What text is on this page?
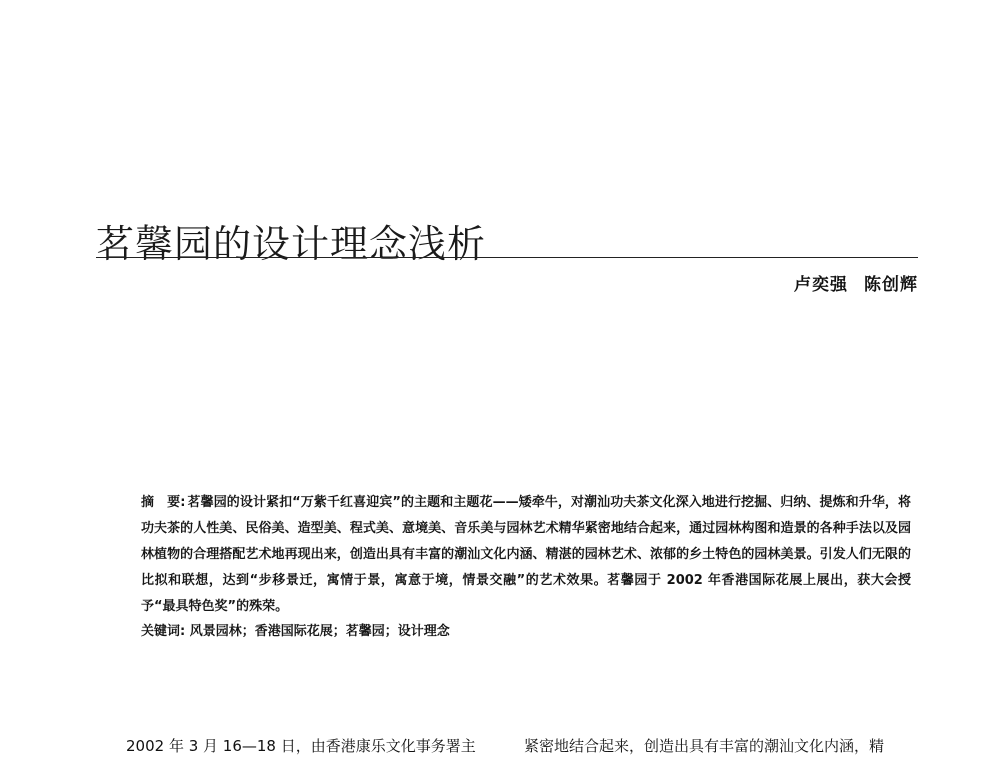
茗馨园的设计理念浅析
卢奕强 陈创辉
摘　要: 茗馨园的设计紧扣“万紫千红喜迎宾”的主题和主题花——矮牵牛，对潮汕功夫茶文化深入地进行挖掘、归纳、提炼和升华，将功夫茶的人性美、民俗美、造型美、程式美、意境美、音乐美与园林艺术精华紧密地结合起来，通过园林构图和造景的各种手法以及园林植物的合理搭配艺术地再现出来，创造出具有丰富的潮汕文化内涵、精湛的园林艺术、浓郁的乡土特色的园林美景。引发人们无限的比拟和联想，达到“步移景迁，寓情于景，寓意于境，情景交融”的艺术效果。茗馨园于 2002 年香港国际花展上展出，获大会授予“最具特色奖”的殊荣。
关键词: 风景园林；香港国际花展；茗馨园；设计理念
2002 年 3 月 16—18 日，由香港康乐文化事务署主	紧密地结合起来，创造出具有丰富的潮汕文化内涵，精
